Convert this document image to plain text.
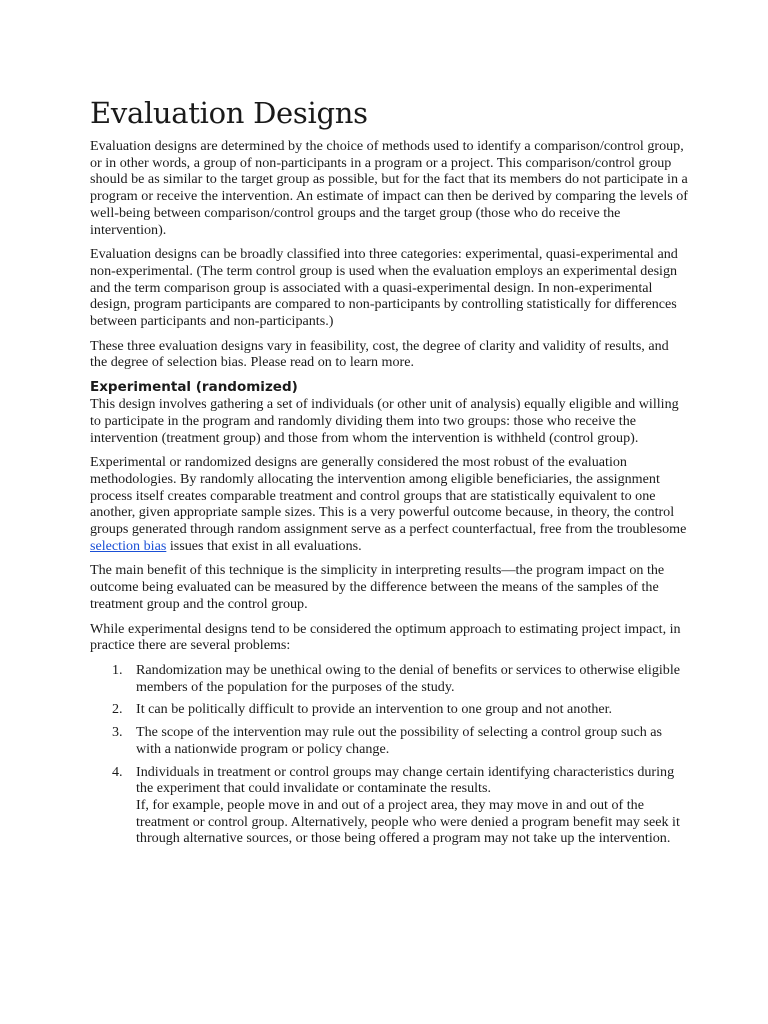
Evaluation Designs

Evaluation designs are determined by the choice of methods used to identify a comparison/control group, or in other words, a group of non-participants in a program or a project. This comparison/control group should be as similar to the target group as possible, but for the fact that its members do not participate in a program or receive the intervention. An estimate of impact can then be derived by comparing the levels of well-being between comparison/control groups and the target group (those who do receive the intervention).

Evaluation designs can be broadly classified into three categories: experimental, quasi-experimental and non-experimental. (The term control group is used when the evaluation employs an experimental design and the term comparison group is associated with a quasi-experimental design. In non-experimental design, program participants are compared to non-participants by controlling statistically for differences between participants and non-participants.)

These three evaluation designs vary in feasibility, cost, the degree of clarity and validity of results, and the degree of selection bias. Please read on to learn more.

Experimental (randomized)

This design involves gathering a set of individuals (or other unit of analysis) equally eligible and willing to participate in the program and randomly dividing them into two groups: those who receive the intervention (treatment group) and those from whom the intervention is withheld (control group).

Experimental or randomized designs are generally considered the most robust of the evaluation methodologies. By randomly allocating the intervention among eligible beneficiaries, the assignment process itself creates comparable treatment and control groups that are statistically equivalent to one another, given appropriate sample sizes. This is a very powerful outcome because, in theory, the control groups generated through random assignment serve as a perfect counterfactual, free from the troublesome selection bias issues that exist in all evaluations.

The main benefit of this technique is the simplicity in interpreting results—the program impact on the outcome being evaluated can be measured by the difference between the means of the samples of the treatment group and the control group.

While experimental designs tend to be considered the optimum approach to estimating project impact, in practice there are several problems:

1. Randomization may be unethical owing to the denial of benefits or services to otherwise eligible members of the population for the purposes of the study.
2. It can be politically difficult to provide an intervention to one group and not another.
3. The scope of the intervention may rule out the possibility of selecting a control group such as with a nationwide program or policy change.
4. Individuals in treatment or control groups may change certain identifying characteristics during the experiment that could invalidate or contaminate the results.
If, for example, people move in and out of a project area, they may move in and out of the treatment or control group. Alternatively, people who were denied a program benefit may seek it through alternative sources, or those being offered a program may not take up the intervention.
